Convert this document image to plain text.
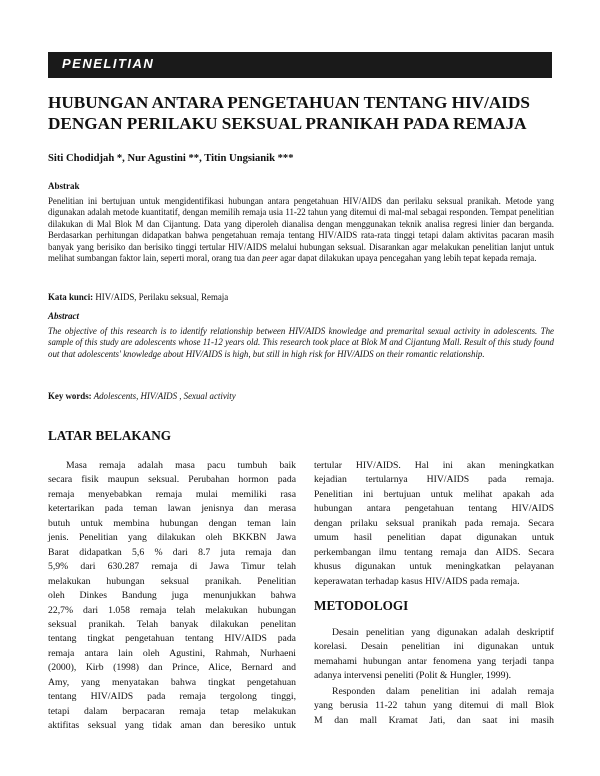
PENELITIAN
HUBUNGAN ANTARA PENGETAHUAN TENTANG HIV/AIDS
DENGAN PERILAKU SEKSUAL PRANIKAH PADA REMAJA
Siti Chodidjah *, Nur Agustini **, Titin Ungsianik ***
Abstrak

Penelitian ini bertujuan untuk mengidentifikasi hubungan antara pengetahuan HIV/AIDS dan perilaku seksual pranikah. Metode yang digunakan adalah metode kuantitatif, dengan memilih remaja usia 11-22 tahun yang ditemui di mal-mal sebagai responden. Tempat penelitian dilakukan di Mal Blok M dan Cijantung. Data yang diperoleh dianalisa dengan menggunakan teknik analisa regresi linier dan berganda. Berdasarkan perhitungan didapatkan bahwa pengetahuan remaja tentang HIV/AIDS rata-rata tinggi tetapi dalam aktivitas pacaran masih banyak yang berisiko dan berisiko tinggi tertular HIV/AIDS melalui hubungan seksual. Disarankan agar melakukan penelitian lanjut untuk melihat sumbangan faktor lain, seperti moral, orang tua dan peer agar dapat dilakukan upaya pencegahan yang lebih tepat kepada remaja.

Kata kunci: HIV/AIDS, Perilaku seksual, Remaja
Abstract

The objective of this research is to identify relationship between HIV/AIDS knowledge and premarital sexual activity in adolescents. The sample of this study are adolescents whose 11-12 years old. This research took place at Blok M and Cijantung Mall. Result of this study found out that adolescents' knowledge about HIV/AIDS is high, but still in high risk for HIV/AIDS on their romantic relationship.

Key words: Adolescents, HIV/AIDS , Sexual activity
LATAR BELAKANG
Masa remaja adalah masa pacu tumbuh baik
secara fisik maupun seksual. Perubahan hormon pada
remaja menyebabkan remaja mulai memiliki rasa
ketertarikan pada teman lawan jenisnya dan merasa
butuh untuk membina hubungan dengan teman lain
jenis. Penelitian yang dilakukan oleh BKKBN Jawa
Barat didapatkan 5,6 % dari 8.7 juta remaja dan
5,9% dari 630.287 remaja di Jawa Timur telah
melakukan hubungan seksual pranikah. Penelitian
oleh Dinkes Bandung juga menunjukkan bahwa
22,7% dari 1.058 remaja telah melakukan hubungan
seksual pranikah. Telah banyak dilakukan penelitan
tentang tingkat pengetahuan tentang HIV/AIDS pada
remaja antara lain oleh Agustini, Rahmah, Nurhaeni
(2000), Kirb (1998) dan Prince, Alice, Bernard and
Amy, yang menyatakan bahwa tingkat pengetahuan
tentang HIV/AIDS pada remaja tergolong tinggi,
tetapi dalam berpacaran remaja tetap melakukan
aktifitas seksual yang tidak aman dan beresiko untuk
tertular HIV/AIDS. Hal ini akan meningkatkan
kejadian tertularnya HIV/AIDS pada remaja.
Penelitian ini bertujuan untuk melihat apakah ada
hubungan antara pengetahuan tentang HIV/AIDS
dengan prilaku seksual pranikah pada remaja. Secara
umum hasil penelitian dapat digunakan untuk
perkembangan ilmu tentang remaja dan AIDS. Secara
khusus digunakan untuk meningkatkan pelayanan
keperawatan terhadap kasus HIV/AIDS pada remaja.
METODOLOGI
Desain penelitian yang digunakan adalah deskriptif
korelasi. Desain penelitian ini digunakan untuk
memahami hubungan antar fenomena yang terjadi tanpa
adanya intervensi peneliti (Polit & Hungler, 1999).
Responden dalam penelitian ini adalah remaja
yang berusia 11-22 tahun yang ditemui di mall Blok
M dan mall Kramat Jati, dan saat ini masih
